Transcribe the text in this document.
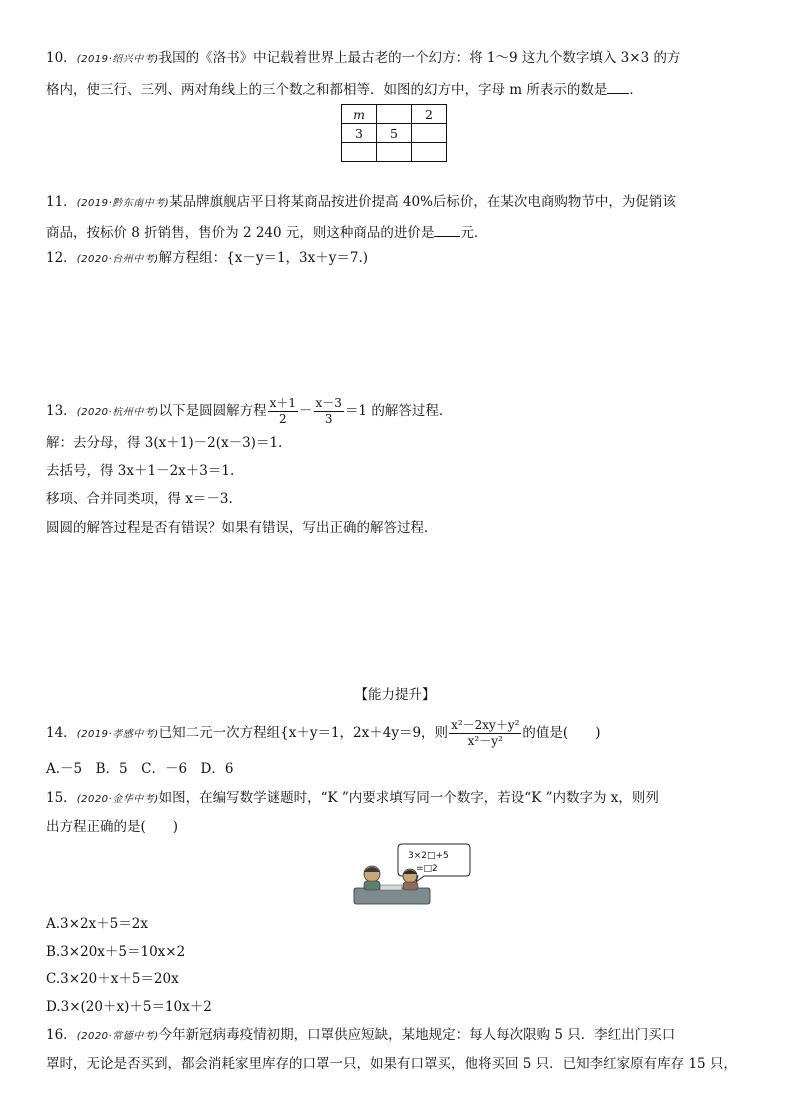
10．(2019·绍兴中考)我国的《洛书》中记载着世界上最古老的一个幻方：将 1～9 这九个数字填入 3×3 的方
格内，使三行、三列、两对角线上的三个数之和都相等．如图的幻方中，字母 m 所表示的数是 ．
m		2
3	5	

11．(2019·黔东南中考)某品牌旗舰店平日将某商品按进价提高 40%后标价，在某次电商购物节中，为促销该
商品，按标价 8 折销售，售价为 2 240 元，则这种商品的进价是 元．
12．(2020·台州中考)解方程组：{x－y＝1，3x＋y＝7.)
13．(2020·杭州中考)以下是圆圆解方程 $\frac{x+1}{2} - \frac{x-3}{3} =1$ 的解答过程．
解：去分母，得 3(x＋1)－2(x－3)＝1.
去括号，得 3x＋1－2x＋3＝1.
移项、合并同类项，得 x＝－3.
圆圆的解答过程是否有错误？如果有错误，写出正确的解答过程．
【能力提升】
14．(2019·孝感中考)已知二元一次方程组{x＋y＝1，2x＋4y＝9，则 $\frac{\text{x²－2xy＋y²}}{\text{x²－y²}}$ 的值是(　　)
A.－5　B．5　C．－6　D．6
15．(2020·金华中考)如图，在编写数学谜题时，“K ”内要求填写同一个数字，若设“K ”内数字为 x，则列
出方程正确的是(　　)
3×2□+5
=□2
A.3×2x＋5＝2x
B.3×20x＋5＝10x×2
C.3×20＋x＋5＝20x
D.3×(20＋x)＋5＝10x＋2
16．(2020·常德中考)今年新冠病毒疫情初期，口罩供应短缺，某地规定：每人每次限购 5 只．李红出门买口
罩时，无论是否买到，都会消耗家里库存的口罩一只，如果有口罩买，他将买回 5 只．已知李红家原有库存 15 只，
